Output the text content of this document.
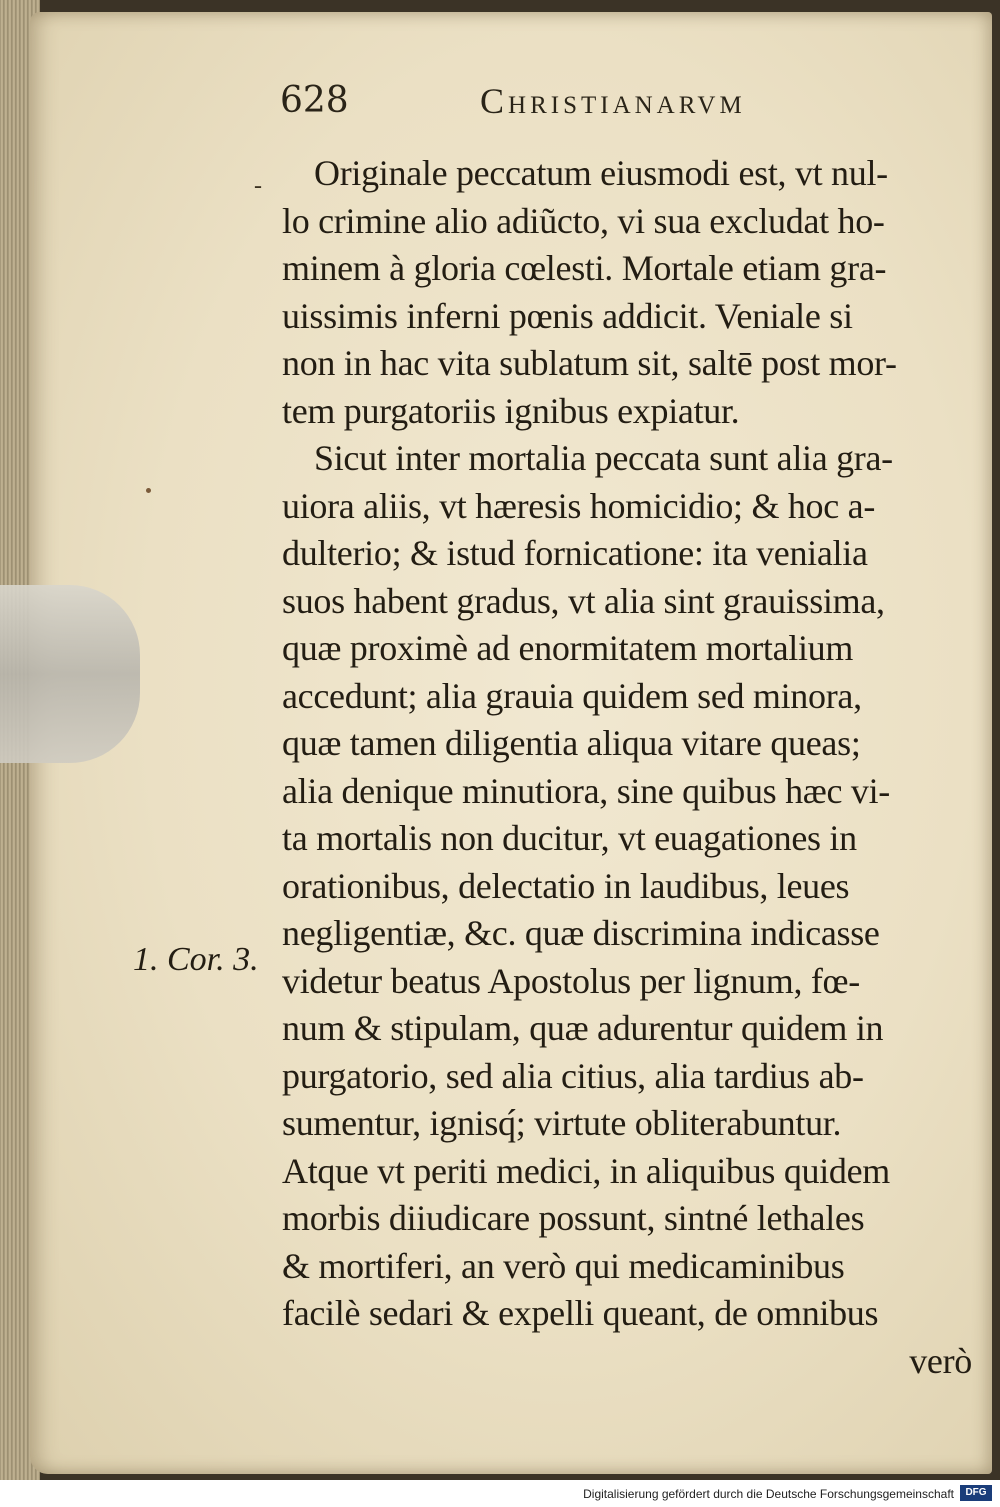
628	Christianarvm
-
1. Cor. 3.
Originale peccatum eiusmodi est, vt nul-
lo crimine alio adiũcto, vi sua excludat ho-
minem à gloria cœlesti. Mortale etiam gra-
uissimis inferni pœnis addicit. Veniale si
non in hac vita sublatum sit, saltē post mor-
tem purgatoriis ignibus expiatur.
Sicut inter mortalia peccata sunt alia gra-
uiora aliis, vt hæresis homicidio; & hoc a-
dulterio; & istud fornicatione: ita venialia
suos habent gradus, vt alia sint grauissima,
quæ proximè ad enormitatem mortalium
accedunt; alia grauia quidem sed minora,
quæ tamen diligentia aliqua vitare queas;
alia denique minutiora, sine quibus hæc vi-
ta mortalis non ducitur, vt euagationes in
orationibus, delectatio in laudibus, leues
negligentiæ, &c. quæ discrimina indicasse
videtur beatus Apostolus per lignum, fœ-
num & stipulam, quæ adurentur quidem in
purgatorio, sed alia citius, alia tardius ab-
sumentur, ignisq́; virtute obliterabuntur.
Atque vt periti medici, in aliquibus quidem
morbis diiudicare possunt, sintné lethales
& mortiferi, an verò qui medicaminibus
facilè sedari & expelli queant, de omnibus
verò
Digitalisierung gefördert durch die Deutsche Forschungsgemeinschaft	DFG
